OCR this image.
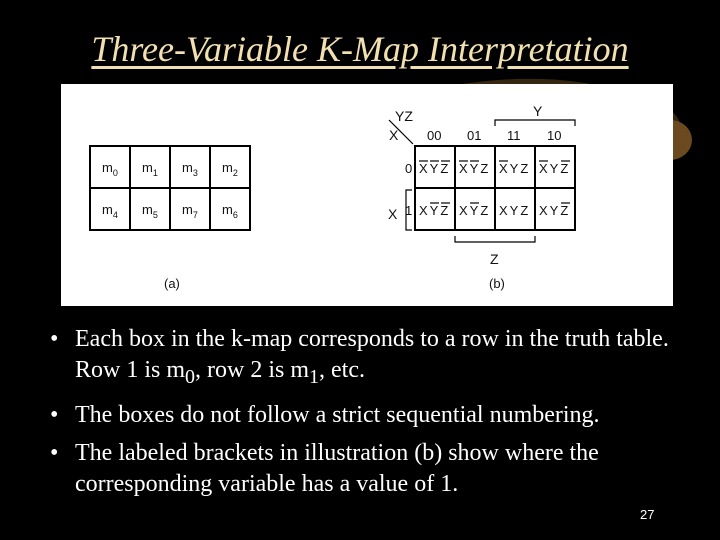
Three-Variable K-Map Interpretation
$m_0$ $m_1$ $m_3$ $m_2$
$m_4$ $m_5$ $m_7$ $m_6$
(a)
YZ
X 00 01 11 10
0
1
Y
X
XYZ XYZ XYZ XYZ
XYZ XYZ XYZ XYZ
Z
(b)
• Each box in the k-map corresponds to a row in the truth table. Row 1 is $m_0$, row 2 is $m_1$, etc.
• The boxes do not follow a strict sequential numbering.
• The labeled brackets in illustration (b) show where the corresponding variable has a value of 1.
27
